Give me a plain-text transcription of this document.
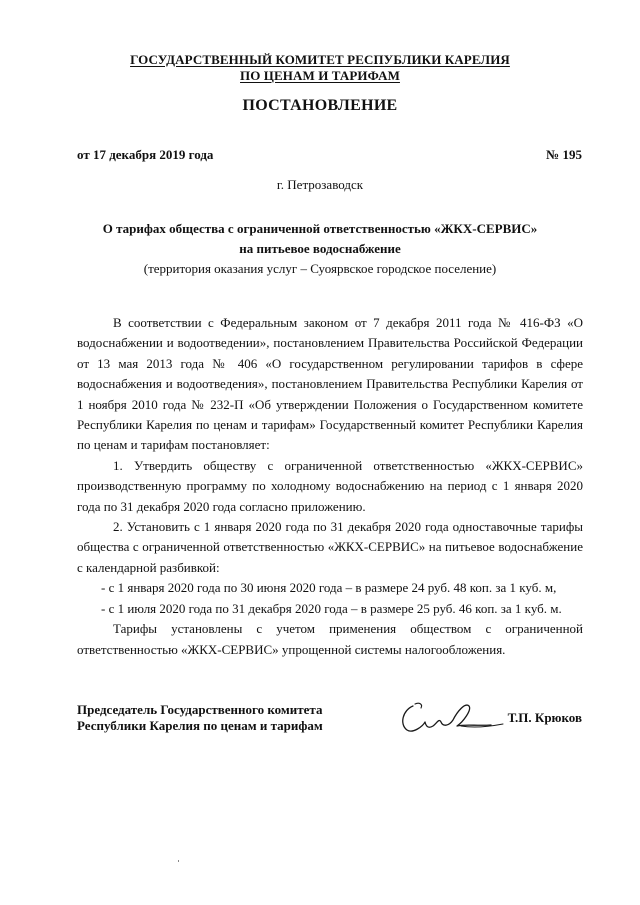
ГОСУДАРСТВЕННЫЙ КОМИТЕТ РЕСПУБЛИКИ КАРЕЛИЯ
ПО ЦЕНАМ И ТАРИФАМ
ПОСТАНОВЛЕНИЕ
от 17 декабря 2019 года	№ 195
г. Петрозаводск
О тарифах общества с ограниченной ответственностью «ЖКХ-СЕРВИС»
на питьевое водоснабжение
(территория оказания услуг – Суоярвское городское поселение)

В соответствии с Федеральным законом от 7 декабря 2011 года № 416-ФЗ «О водоснабжении и водоотведении», постановлением Правительства Российской Федерации от 13 мая 2013 года № 406 «О государственном регулировании тарифов в сфере водоснабжения и водоотведения», постановлением Правительства Республики Карелия от 1 ноября 2010 года № 232-П «Об утверждении Положения о Государственном комитете Республики Карелия по ценам и тарифам» Государственный комитет Республики Карелия по ценам и тарифам постановляет:

1. Утвердить обществу с ограниченной ответственностью «ЖКХ-СЕРВИС» производственную программу по холодному водоснабжению на период с 1 января 2020 года по 31 декабря 2020 года согласно приложению.

2. Установить с 1 января 2020 года по 31 декабря 2020 года одноставочные тарифы общества с ограниченной ответственностью «ЖКХ-СЕРВИС» на питьевое водоснабжение с календарной разбивкой:

- с 1 января 2020 года по 30 июня 2020 года – в размере 24 руб. 48 коп. за 1 куб. м,

- с 1 июля 2020 года по 31 декабря 2020 года – в размере 25 руб. 46 коп. за 1 куб. м.

Тарифы установлены с учетом применения обществом с ограниченной ответственностью «ЖКХ-СЕРВИС» упрощенной системы налогообложения.

Председатель Государственного комитета
Республики Карелия по ценам и тарифам
Т.П. Крюков
